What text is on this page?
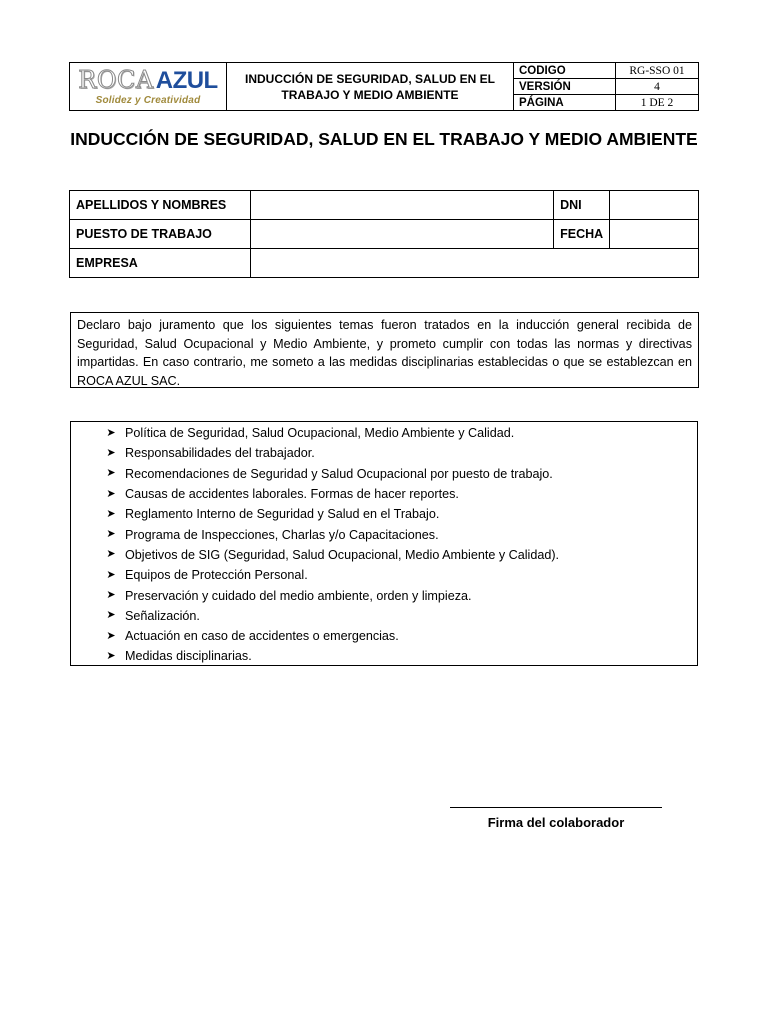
ROCA AZUL
Solidez y Creatividad
INDUCCIÓN DE SEGURIDAD, SALUD EN EL TRABAJO Y MEDIO AMBIENTE
CODIGO	RG-SSO 01
VERSIÓN	4
PÁGINA	1 DE 2
INDUCCIÓN DE SEGURIDAD, SALUD EN EL TRABAJO Y MEDIO AMBIENTE
APELLIDOS Y NOMBRES		DNI	
PUESTO DE TRABAJO		FECHA	
EMPRESA			
Declaro bajo juramento que los siguientes temas fueron tratados en la inducción general recibida de Seguridad, Salud Ocupacional y Medio Ambiente, y prometo cumplir con todas las normas y directivas impartidas. En caso contrario, me someto a las medidas disciplinarias establecidas o que se establezcan en ROCA AZUL SAC.
➤ Política de Seguridad, Salud Ocupacional, Medio Ambiente y Calidad.
➤ Responsabilidades del trabajador.
➤ Recomendaciones de Seguridad y Salud Ocupacional por puesto de trabajo.
➤ Causas de accidentes laborales. Formas de hacer reportes.
➤ Reglamento Interno de Seguridad y Salud en el Trabajo.
➤ Programa de Inspecciones, Charlas y/o Capacitaciones.
➤ Objetivos de SIG (Seguridad, Salud Ocupacional, Medio Ambiente y Calidad).
➤ Equipos de Protección Personal.
➤ Preservación y cuidado del medio ambiente, orden y limpieza.
➤ Señalización.
➤ Actuación en caso de accidentes o emergencias.
➤ Medidas disciplinarias.
Firma del colaborador
